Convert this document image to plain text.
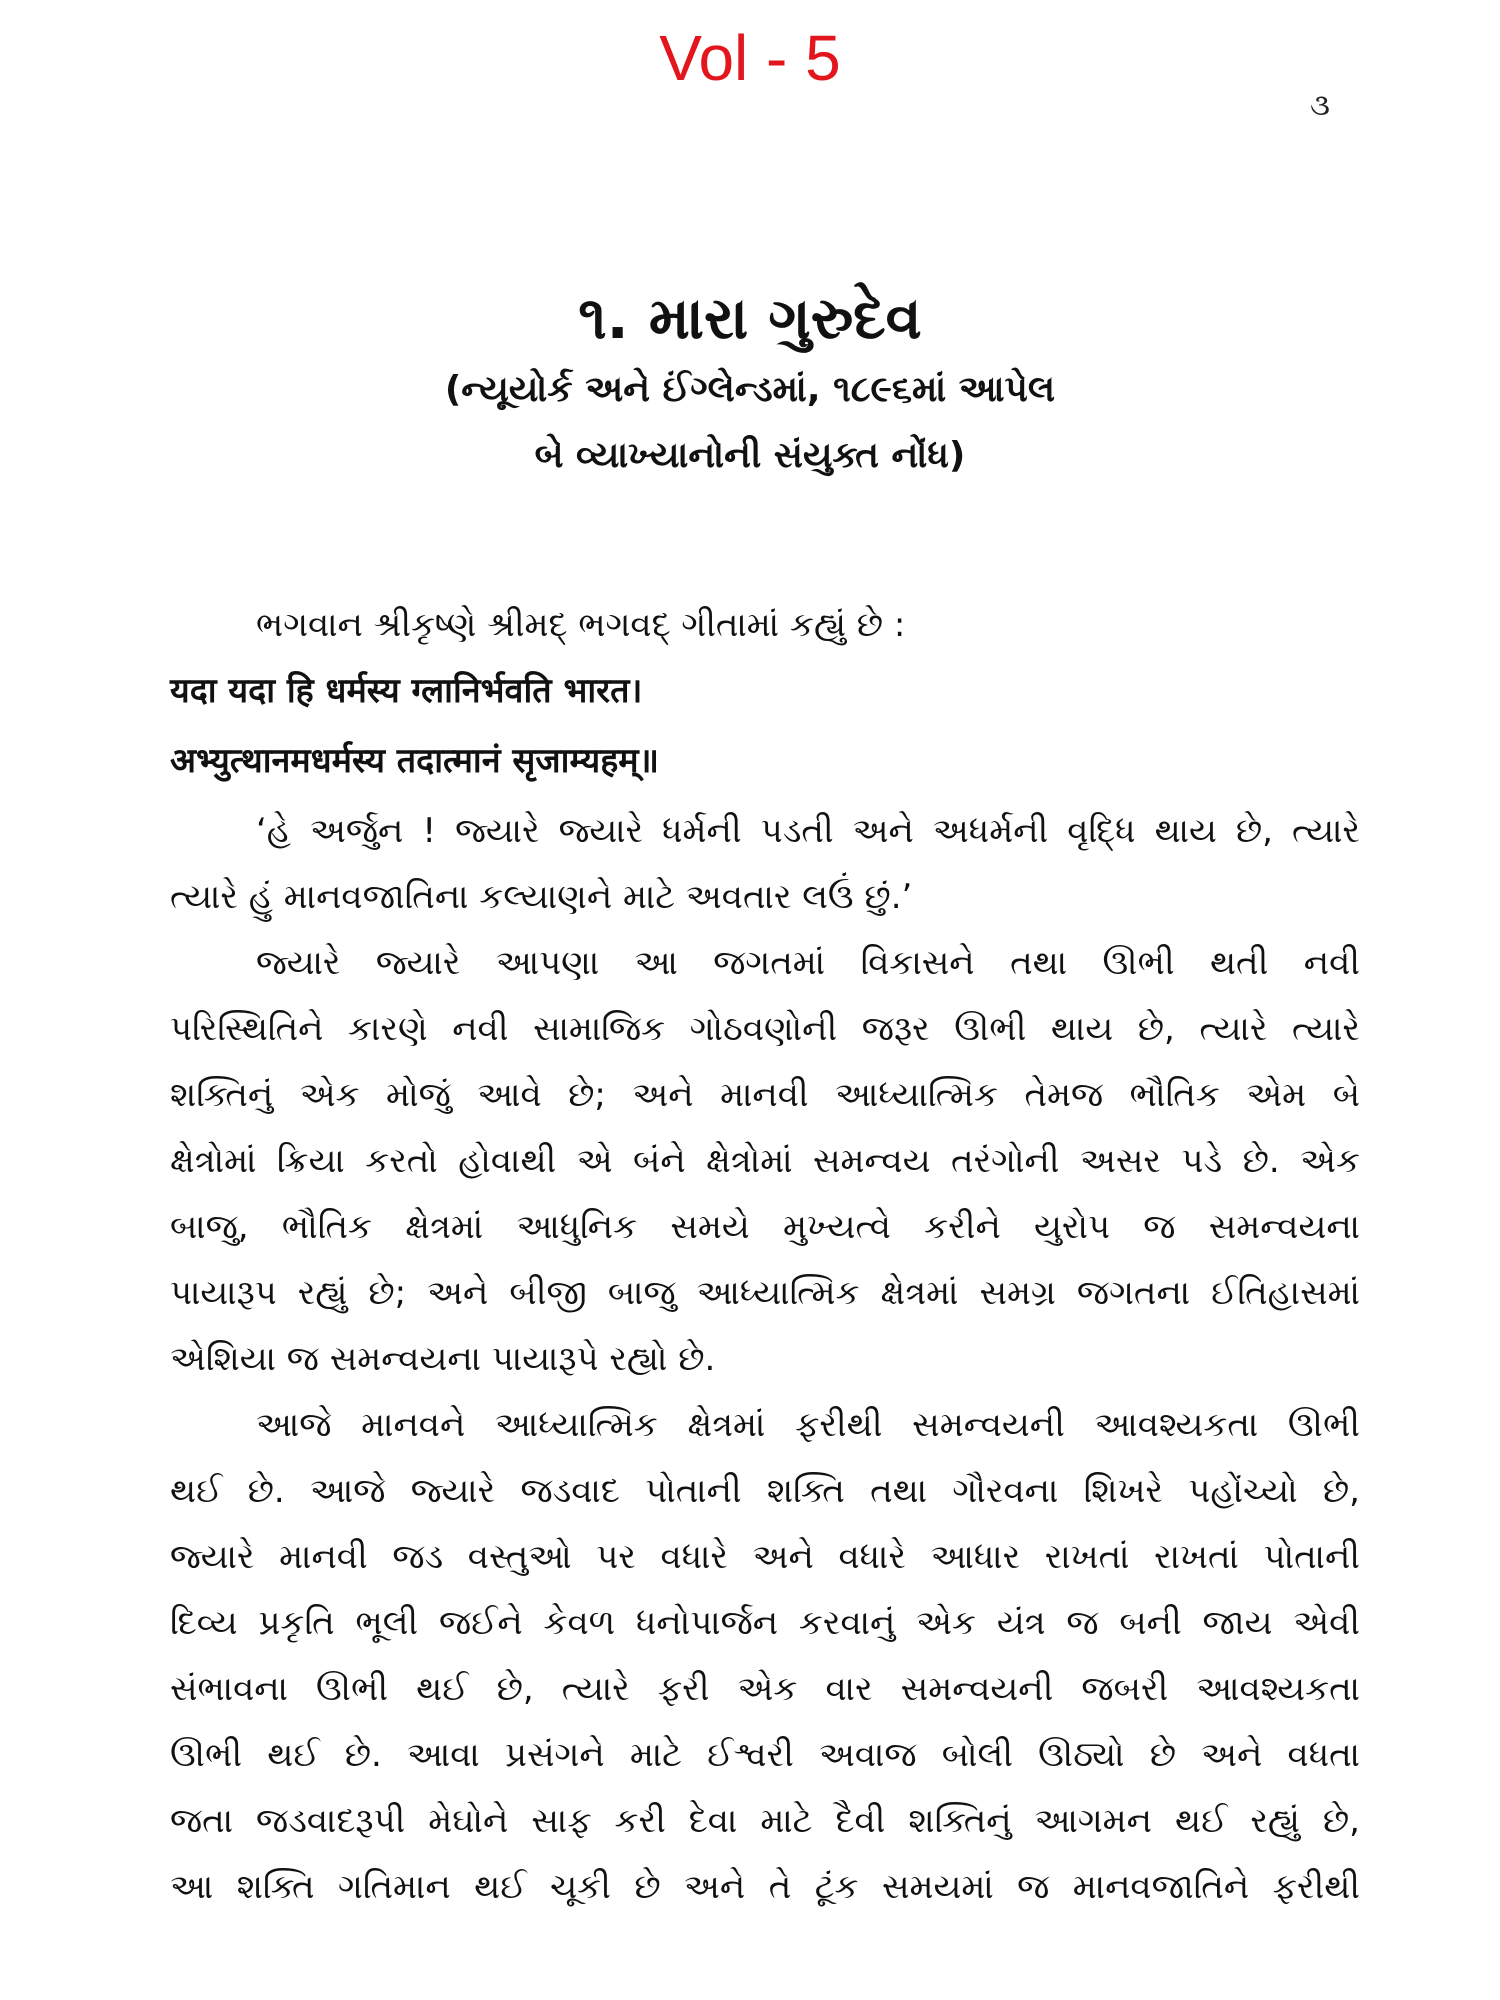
Vol - 5
૩
૧. મારા ગુરુદેવ
(ન્યૂયોર્ક અને ઈંગ્લેન્ડમાં, ૧૮૯૬માં આપેલ
બે વ્યાખ્યાનોની સંયુક્ત નોંધ)
ભગવાન શ્રીકૃષ્ણે શ્રીમદ્ ભગવદ્ ગીતામાં કહ્યું છે :
यदा यदा हि धर्मस्य ग्लानिर्भवति भारत।
अभ्युत्थानमधर्मस्य तदात्मानं सृजाम्यहम्॥
‘હે અર્જુન ! જ્યારે જ્યારે ધર્મની પડતી અને અધર્મની વૃદ્ધિ થાય છે, ત્યારે
ત્યારે હું માનવજાતિના કલ્યાણને માટે અવતાર લઉં છું.’
જ્યારે જ્યારે આપણા આ જગતમાં વિકાસને તથા ઊભી થતી નવી
પરિસ્થિતિને કારણે નવી સામાજિક ગોઠવણોની જરૂર ઊભી થાય છે, ત્યારે ત્યારે
શક્તિનું એક મોજું આવે છે; અને માનવી આધ્યાત્મિક તેમજ ભૌતિક એમ બે
ક્ષેત્રોમાં ક્રિયા કરતો હોવાથી એ બંને ક્ષેત્રોમાં સમન્વય તરંગોની અસર પડે છે. એક
બાજુ, ભૌતિક ક્ષેત્રમાં આધુનિક સમયે મુખ્યત્વે કરીને યુરોપ જ સમન્વયના
પાયારૂપ રહ્યું છે; અને બીજી બાજુ આધ્યાત્મિક ક્ષેત્રમાં સમગ્ર જગતના ઈતિહાસમાં
એશિયા જ સમન્વયના પાયારૂપે રહ્યો છે.
આજે માનવને આધ્યાત્મિક ક્ષેત્રમાં ફરીથી સમન્વયની આવશ્યકતા ઊભી
થઈ છે. આજે જ્યારે જડવાદ પોતાની શક્તિ તથા ગૌરવના શિખરે પહોંચ્યો છે,
જ્યારે માનવી જડ વસ્તુઓ પર વધારે અને વધારે આધાર રાખતાં રાખતાં પોતાની
દિવ્ય પ્રકૃતિ ભૂલી જઈને કેવળ ધનોપાર્જન કરવાનું એક યંત્ર જ બની જાય એવી
સંભાવના ઊભી થઈ છે, ત્યારે ફરી એક વાર સમન્વયની જબરી આવશ્યકતા
ઊભી થઈ છે. આવા પ્રસંગને માટે ઈશ્વરી અવાજ બોલી ઊઠ્યો છે અને વધતા
જતા જડવાદરૂપી મેઘોને સાફ કરી દેવા માટે દૈવી શક્તિનું આગમન થઈ રહ્યું છે,
આ શક્તિ ગતિમાન થઈ ચૂકી છે અને તે ટૂંક સમયમાં જ માનવજાતિને ફરીથી
